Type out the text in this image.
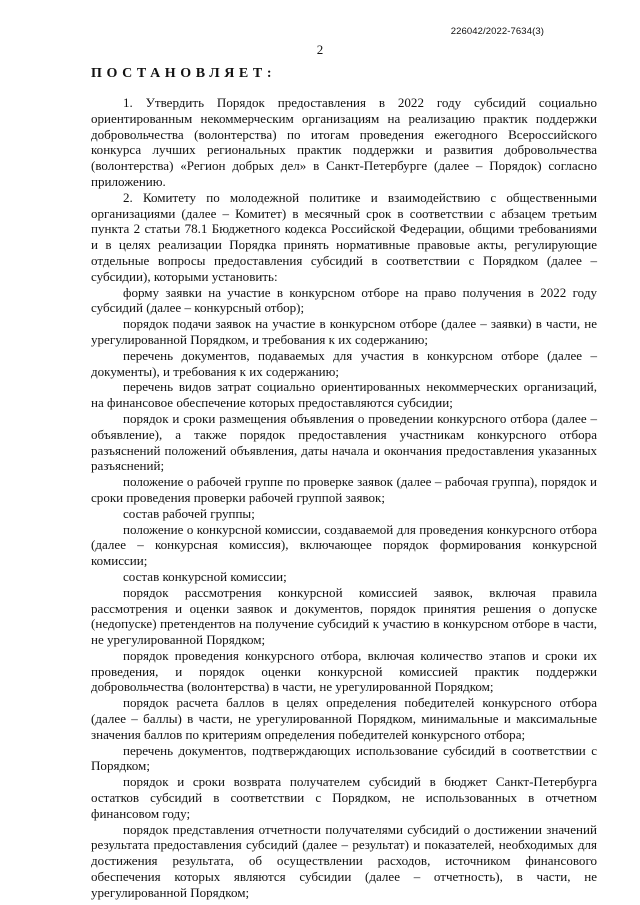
226042/2022-7634(3)
2
ПОСТАНОВЛЯЕТ:

1. Утвердить Порядок предоставления в 2022 году субсидий социально ориентированным некоммерческим организациям на реализацию практик поддержки добровольчества (волонтерства) по итогам проведения ежегодного Всероссийского конкурса лучших региональных практик поддержки и развития добровольчества (волонтерства) «Регион добрых дел» в Санкт-Петербурге (далее – Порядок) согласно приложению.

2. Комитету по молодежной политике и взаимодействию с общественными организациями (далее – Комитет) в месячный срок в соответствии с абзацем третьим пункта 2 статьи 78.1 Бюджетного кодекса Российской Федерации, общими требованиями и в целях реализации Порядка принять нормативные правовые акты, регулирующие отдельные вопросы предоставления субсидий в соответствии с Порядком (далее – субсидии), которыми установить:

форму заявки на участие в конкурсном отборе на право получения в 2022 году субсидий (далее – конкурсный отбор);

порядок подачи заявок на участие в конкурсном отборе (далее – заявки) в части, не урегулированной Порядком, и требования к их содержанию;

перечень документов, подаваемых для участия в конкурсном отборе (далее – документы), и требования к их содержанию;

перечень видов затрат социально ориентированных некоммерческих организаций, на финансовое обеспечение которых предоставляются субсидии;

порядок и сроки размещения объявления о проведении конкурсного отбора (далее – объявление), а также порядок предоставления участникам конкурсного отбора разъяснений положений объявления, даты начала и окончания предоставления указанных разъяснений;

положение о рабочей группе по проверке заявок (далее – рабочая группа), порядок и сроки проведения проверки рабочей группой заявок;

состав рабочей группы;

положение о конкурсной комиссии, создаваемой для проведения конкурсного отбора (далее – конкурсная комиссия), включающее порядок формирования конкурсной комиссии;

состав конкурсной комиссии;

порядок рассмотрения конкурсной комиссией заявок, включая правила рассмотрения и оценки заявок и документов, порядок принятия решения о допуске (недопуске) претендентов на получение субсидий к участию в конкурсном отборе в части, не урегулированной Порядком;

порядок проведения конкурсного отбора, включая количество этапов и сроки их проведения, и порядок оценки конкурсной комиссией практик поддержки добровольчества (волонтерства) в части, не урегулированной Порядком;

порядок расчета баллов в целях определения победителей конкурсного отбора (далее – баллы) в части, не урегулированной Порядком, минимальные и максимальные значения баллов по критериям определения победителей конкурсного отбора;

перечень документов, подтверждающих использование субсидий в соответствии с Порядком;

порядок и сроки возврата получателем субсидий в бюджет Санкт-Петербурга остатков субсидий в соответствии с Порядком, не использованных в отчетном финансовом году;

порядок представления отчетности получателями субсидий о достижении значений результата предоставления субсидий (далее – результат) и показателей, необходимых для достижения результата, об осуществлении расходов, источником финансового обеспечения которых являются субсидии (далее – отчетность), в части, не урегулированной Порядком;
